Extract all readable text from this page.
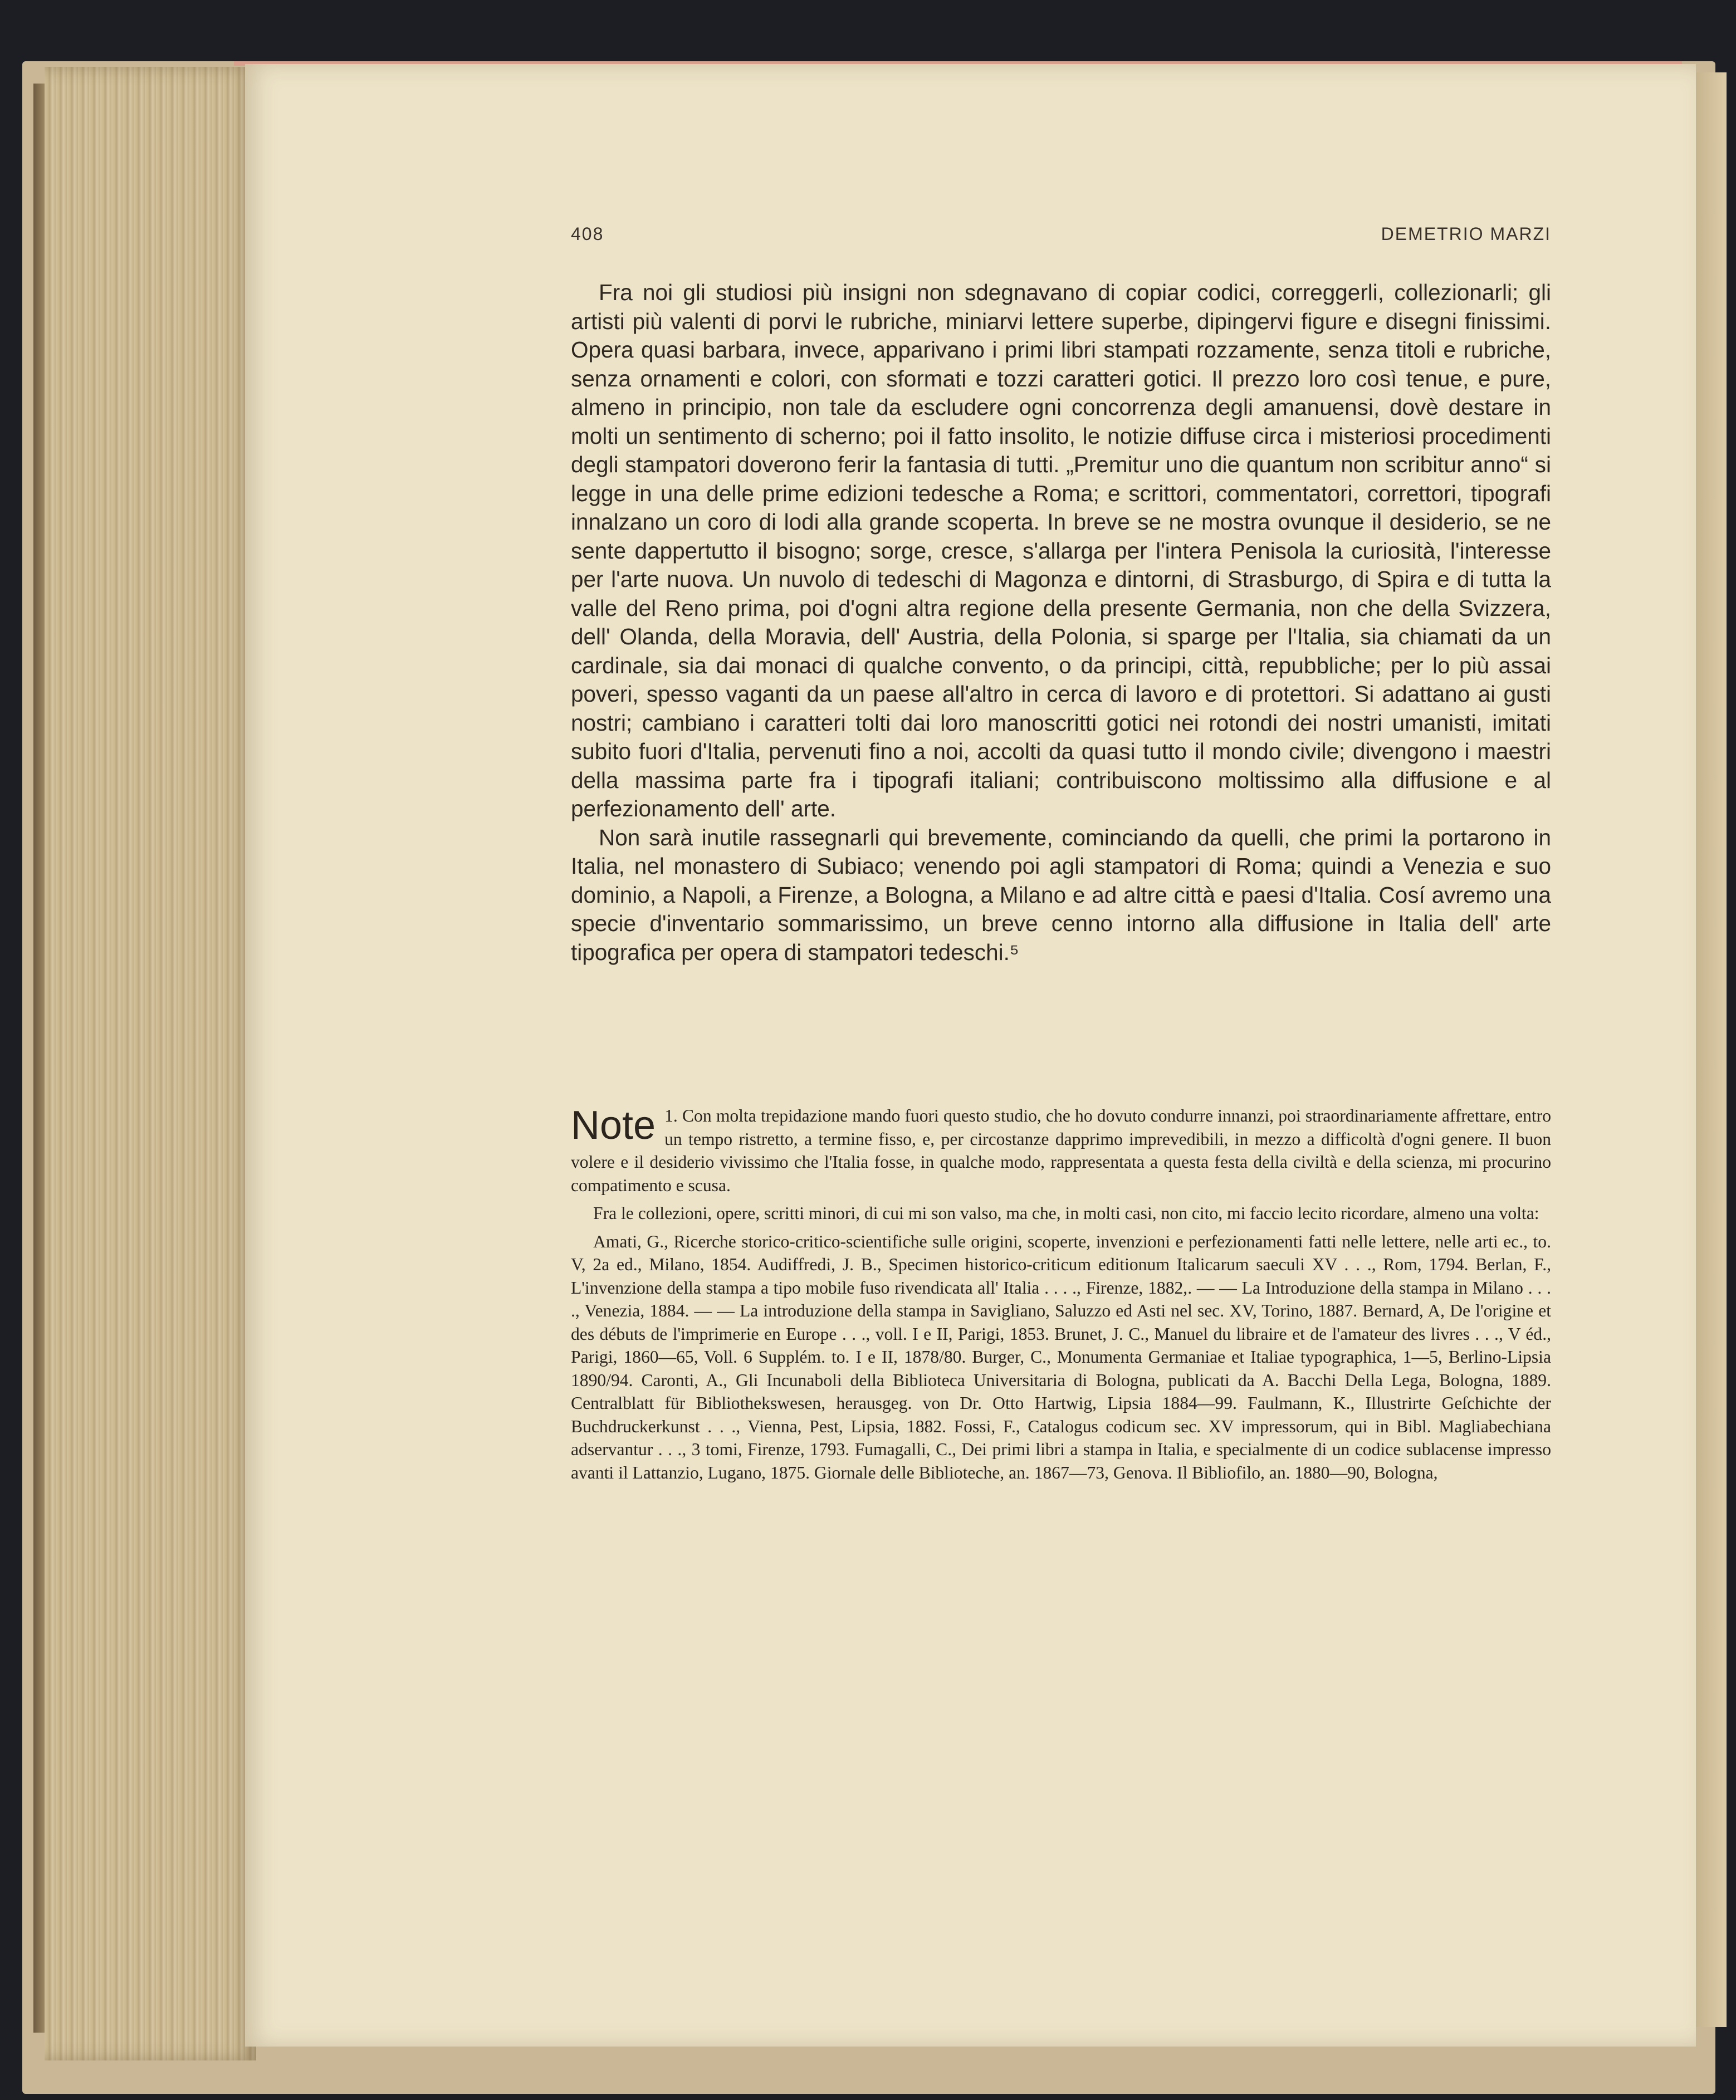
408	DEMETRIO MARZI

Fra noi gli studiosi più insigni non sdegnavano di copiar codici, correggerli, collezionarli; gli artisti più valenti di porvi le rubriche, miniarvi lettere superbe, dipingervi figure e disegni finissimi. Opera quasi barbara, invece, apparivano i primi libri stampati rozzamente, senza titoli e rubriche, senza ornamenti e colori, con sformati e tozzi caratteri gotici. Il prezzo loro così tenue, e pure, almeno in principio, non tale da escludere ogni concorrenza degli amanuensi, dovè destare in molti un sentimento di scherno; poi il fatto insolito, le notizie diffuse circa i misteriosi procedimenti degli stampatori doverono ferir la fantasia di tutti. „Premitur uno die quantum non scribitur anno“ si legge in una delle prime edizioni tedesche a Roma; e scrittori, commentatori, correttori, tipografi innalzano un coro di lodi alla grande scoperta. In breve se ne mostra ovunque il desiderio, se ne sente dappertutto il bisogno; sorge, cresce, s'allarga per l'intera Penisola la curiosità, l'interesse per l'arte nuova. Un nuvolo di tedeschi di Magonza e dintorni, di Strasburgo, di Spira e di tutta la valle del Reno prima, poi d'ogni altra regione della presente Germania, non che della Svizzera, dell' Olanda, della Moravia, dell' Austria, della Polonia, si sparge per l'Italia, sia chiamati da un cardinale, sia dai monaci di qualche convento, o da principi, città, repubbliche; per lo più assai poveri, spesso vaganti da un paese all'altro in cerca di lavoro e di protettori. Si adattano ai gusti nostri; cambiano i caratteri tolti dai loro manoscritti gotici nei rotondi dei nostri umanisti, imitati subito fuori d'Italia, pervenuti fino a noi, accolti da quasi tutto il mondo civile; divengono i maestri della massima parte fra i tipografi italiani; contribuiscono moltissimo alla diffusione e al perfezionamento dell' arte.

Non sarà inutile rassegnarli qui brevemente, cominciando da quelli, che primi la portarono in Italia, nel monastero di Subiaco; venendo poi agli stampatori di Roma; quindi a Venezia e suo dominio, a Napoli, a Firenze, a Bologna, a Milano e ad altre città e paesi d'Italia. Cosí avremo una specie d'inventario sommarissimo, un breve cenno intorno alla diffusione in Italia dell' arte tipografica per opera di stampatori tedeschi.⁵

Note 1. Con molta trepidazione mando fuori questo studio, che ho dovuto condurre innanzi, poi straordinariamente affrettare, entro un tempo ristretto, a termine fisso, e, per circostanze dapprimo imprevedibili, in mezzo a difficoltà d'ogni genere. Il buon volere e il desiderio vivissimo che l'Italia fosse, in qualche modo, rappresentata a questa festa della civiltà e della scienza, mi procurino compatimento e scusa.

Fra le collezioni, opere, scritti minori, di cui mi son valso, ma che, in molti casi, non cito, mi faccio lecito ricordare, almeno una volta:

Amati, G., Ricerche storico-critico-scientifiche sulle origini, scoperte, invenzioni e perfezionamenti fatti nelle lettere, nelle arti ec., to. V, 2a ed., Milano, 1854. Audiffredi, J. B., Specimen historico-criticum editionum Italicarum saeculi XV . . ., Rom, 1794. Berlan, F., L'invenzione della stampa a tipo mobile fuso rivendicata all' Italia . . . ., Firenze, 1882,. — — La Introduzione della stampa in Milano . . . ., Venezia, 1884. — — La introduzione della stampa in Savigliano, Saluzzo ed Asti nel sec. XV, Torino, 1887. Bernard, A, De l'origine et des débuts de l'imprimerie en Europe . . ., voll. I e II, Parigi, 1853. Brunet, J. C., Manuel du libraire et de l'amateur des livres . . ., V éd., Parigi, 1860—65, Voll. 6 Supplém. to. I e II, 1878/80. Burger, C., Monumenta Germaniae et Italiae typographica, 1—5, Berlino-Lipsia 1890/94. Caronti, A., Gli Incunaboli della Biblioteca Universitaria di Bologna, publicati da A. Bacchi Della Lega, Bologna, 1889. Centralblatt für Bibliothekswesen, herausgeg. von Dr. Otto Hartwig, Lipsia 1884—99. Faulmann, K., Illustrirte Geſchichte der Buchdruckerkunst . . ., Vienna, Pest, Lipsia, 1882. Fossi, F., Catalogus codicum sec. XV impressorum, qui in Bibl. Magliabechiana adservantur . . ., 3 tomi, Firenze, 1793. Fumagalli, C., Dei primi libri a stampa in Italia, e specialmente di un codice sublacense impresso avanti il Lattanzio, Lugano, 1875. Giornale delle Biblioteche, an. 1867—73, Genova. Il Bibliofilo, an. 1880—90, Bologna,
